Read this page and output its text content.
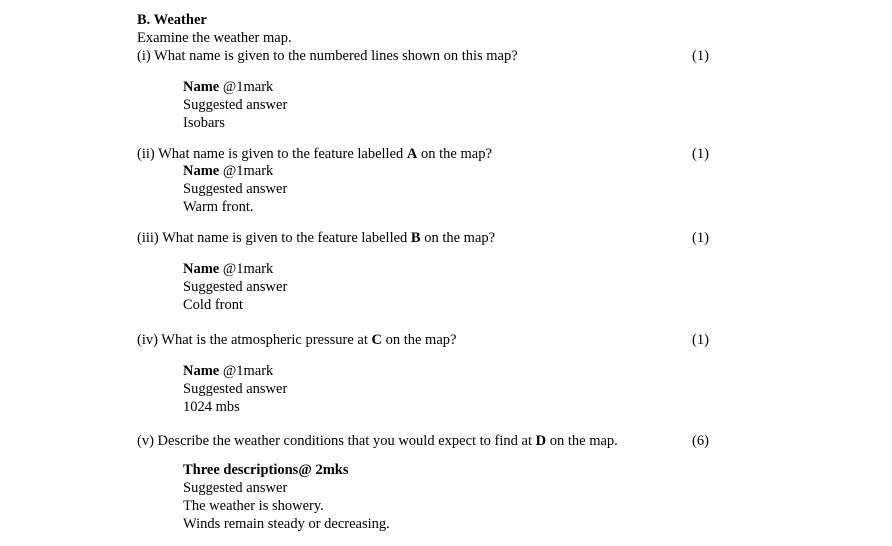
B. Weather
Examine the weather map.
(i) What name is given to the numbered lines shown on this map?	(1)
Name @1mark
Suggested answer
Isobars
(ii) What name is given to the feature labelled A on the map?	(1)
Name @1mark
Suggested answer
Warm front.
(iii) What name is given to the feature labelled B on the map?	(1)
Name @1mark
Suggested answer
Cold front
(iv) What is the atmospheric pressure at C on the map?	(1)
Name @1mark
Suggested answer
1024 mbs
(v) Describe the weather conditions that you would expect to find at D on the map.	(6)
Three descriptions@ 2mks
Suggested answer
The weather is showery.
Winds remain steady or decreasing.
